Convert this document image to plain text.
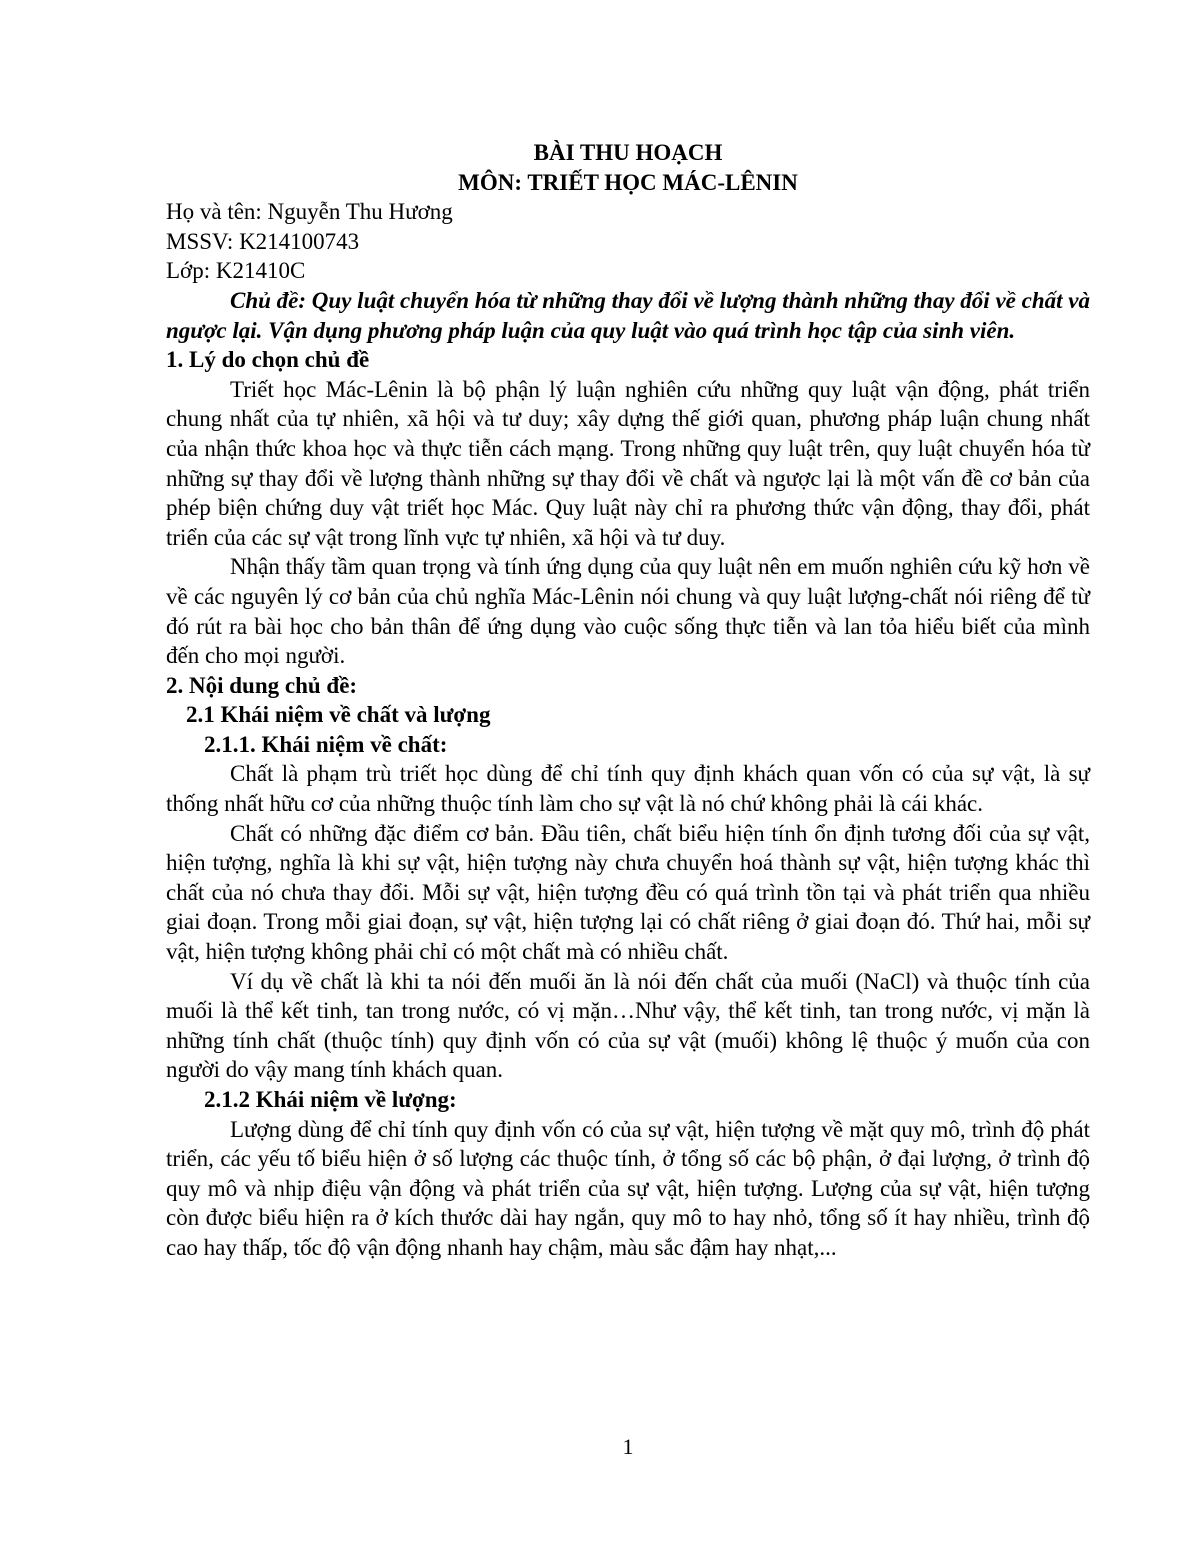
BÀI THU HOẠCH

MÔN: TRIẾT HỌC MÁC-LÊNIN

Họ và tên: Nguyễn Thu Hương

MSSV: K214100743

Lớp: K21410C

Chủ đề: Quy luật chuyển hóa từ những thay đổi về lượng thành những thay đổi về chất và ngược lại. Vận dụng phương pháp luận của quy luật vào quá trình học tập của sinh viên.

1. Lý do chọn chủ đề

Triết học Mác-Lênin là bộ phận lý luận nghiên cứu những quy luật vận động, phát triển chung nhất của tự nhiên, xã hội và tư duy; xây dựng thế giới quan, phương pháp luận chung nhất của nhận thức khoa học và thực tiễn cách mạng. Trong những quy luật trên, quy luật chuyển hóa từ những sự thay đổi về lượng thành những sự thay đổi về chất và ngược lại là một vấn đề cơ bản của phép biện chứng duy vật triết học Mác. Quy luật này chỉ ra phương thức vận động, thay đổi, phát triển của các sự vật trong lĩnh vực tự nhiên, xã hội và tư duy.

Nhận thấy tầm quan trọng và tính ứng dụng của quy luật nên em muốn nghiên cứu kỹ hơn về về các nguyên lý cơ bản của chủ nghĩa Mác-Lênin nói chung và quy luật lượng-chất nói riêng để từ đó rút ra bài học cho bản thân để ứng dụng vào cuộc sống thực tiễn và lan tỏa hiểu biết của mình đến cho mọi người.

2. Nội dung chủ đề:

2.1 Khái niệm về chất và lượng

2.1.1. Khái niệm về chất:

Chất là phạm trù triết học dùng để chỉ tính quy định khách quan vốn có của sự vật, là sự thống nhất hữu cơ của những thuộc tính làm cho sự vật là nó chứ không phải là cái khác.

Chất có những đặc điểm cơ bản. Đầu tiên, chất biểu hiện tính ổn định tương đối của sự vật, hiện tượng, nghĩa là khi sự vật, hiện tượng này chưa chuyển hoá thành sự vật, hiện tượng khác thì chất của nó chưa thay đổi. Mỗi sự vật, hiện tượng đều có quá trình tồn tại và phát triển qua nhiều giai đoạn. Trong mỗi giai đoạn, sự vật, hiện tượng lại có chất riêng ở giai đoạn đó. Thứ hai, mỗi sự vật, hiện tượng không phải chỉ có một chất mà có nhiều chất.

Ví dụ về chất là khi ta nói đến muối ăn là nói đến chất của muối (NaCl) và thuộc tính của muối là thể kết tinh, tan trong nước, có vị mặn…Như vậy, thể kết tinh, tan trong nước, vị mặn là những tính chất (thuộc tính) quy định vốn có của sự vật (muối) không lệ thuộc ý muốn của con người do vậy mang tính khách quan.

2.1.2 Khái niệm về lượng:

Lượng dùng để chỉ tính quy định vốn có của sự vật, hiện tượng về mặt quy mô, trình độ phát triển, các yếu tố biểu hiện ở số lượng các thuộc tính, ở tổng số các bộ phận, ở đại lượng, ở trình độ quy mô và nhịp điệu vận động và phát triển của sự vật, hiện tượng. Lượng của sự vật, hiện tượng còn được biểu hiện ra ở kích thước dài hay ngắn, quy mô to hay nhỏ, tổng số ít hay nhiều, trình độ cao hay thấp, tốc độ vận động nhanh hay chậm, màu sắc đậm hay nhạt,...

1
